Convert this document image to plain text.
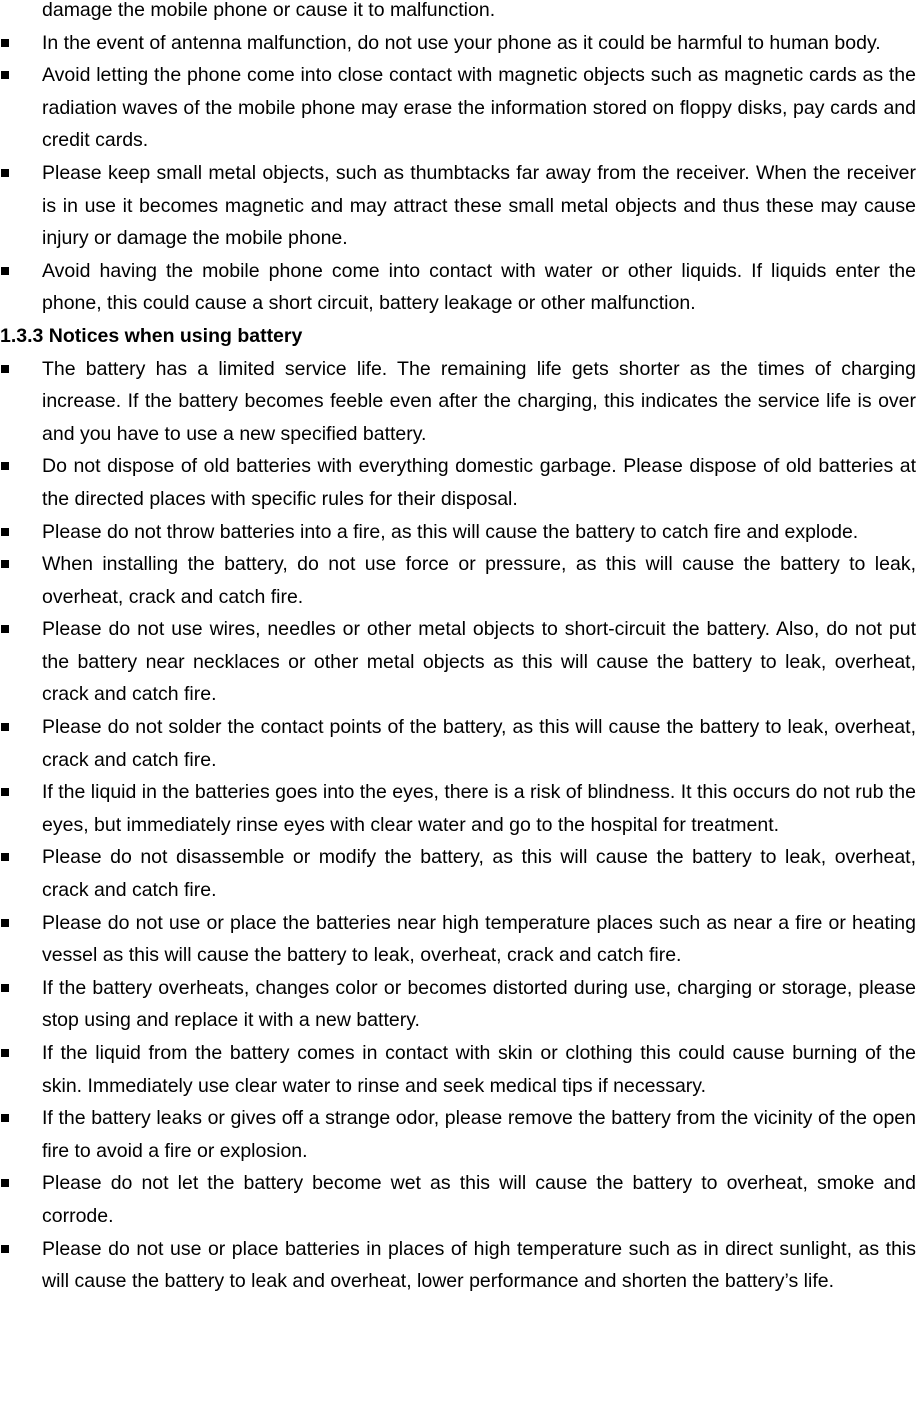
damage the mobile phone or cause it to malfunction.

In the event of antenna malfunction, do not use your phone as it could be harmful to human body.
Avoid letting the phone come into close contact with magnetic objects such as magnetic cards as the radiation waves of the mobile phone may erase the information stored on floppy disks, pay cards and credit cards.
Please keep small metal objects, such as thumbtacks far away from the receiver. When the receiver is in use it becomes magnetic and may attract these small metal objects and thus these may cause injury or damage the mobile phone.
Avoid having the mobile phone come into contact with water or other liquids. If liquids enter the phone, this could cause a short circuit, battery leakage or other malfunction.
1.3.3 Notices when using battery
The battery has a limited service life. The remaining life gets shorter as the times of charging increase. If the battery becomes feeble even after the charging, this indicates the service life is over and you have to use a new specified battery.
Do not dispose of old batteries with everything domestic garbage. Please dispose of old batteries at the directed places with specific rules for their disposal.
Please do not throw batteries into a fire, as this will cause the battery to catch fire and explode.
When installing the battery, do not use force or pressure, as this will cause the battery to leak, overheat, crack and catch fire.
Please do not use wires, needles or other metal objects to short-circuit the battery. Also, do not put the battery near necklaces or other metal objects as this will cause the battery to leak, overheat, crack and catch fire.
Please do not solder the contact points of the battery, as this will cause the battery to leak, overheat, crack and catch fire.
If the liquid in the batteries goes into the eyes, there is a risk of blindness. It this occurs do not rub the eyes, but immediately rinse eyes with clear water and go to the hospital for treatment.
Please do not disassemble or modify the battery, as this will cause the battery to leak, overheat, crack and catch fire.
Please do not use or place the batteries near high temperature places such as near a fire or heating vessel as this will cause the battery to leak, overheat, crack and catch fire.
If the battery overheats, changes color or becomes distorted during use, charging or storage, please stop using and replace it with a new battery.
If the liquid from the battery comes in contact with skin or clothing this could cause burning of the skin. Immediately use clear water to rinse and seek medical tips if necessary.
If the battery leaks or gives off a strange odor, please remove the battery from the vicinity of the open fire to avoid a fire or explosion.
Please do not let the battery become wet as this will cause the battery to overheat, smoke and corrode.
Please do not use or place batteries in places of high temperature such as in direct sunlight, as this will cause the battery to leak and overheat, lower performance and shorten the battery’s life.
